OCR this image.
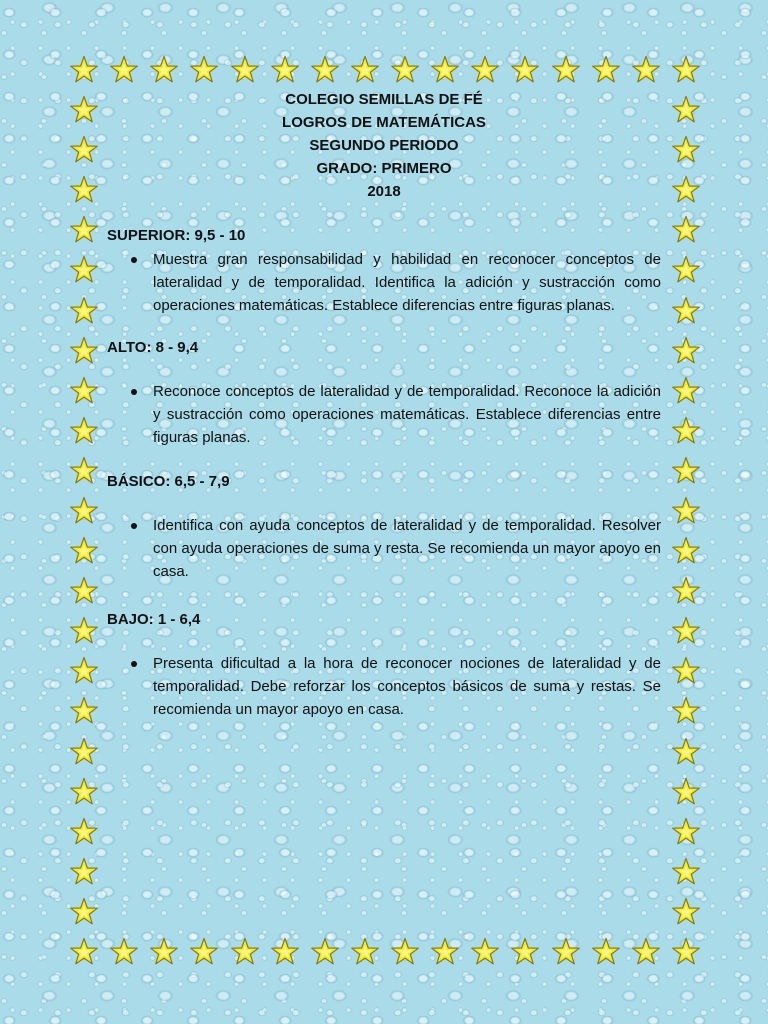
COLEGIO SEMILLAS DE FÉ
LOGROS DE MATEMÁTICAS
SEGUNDO PERIODO
GRADO: PRIMERO
2018
SUPERIOR: 9,5 - 10
Muestra gran responsabilidad y habilidad en reconocer conceptos de lateralidad y de temporalidad. Identifica la adición y sustracción como operaciones matemáticas. Establece diferencias entre figuras planas.
ALTO: 8 - 9,4
Reconoce conceptos de lateralidad y de temporalidad. Reconoce la adición y sustracción como operaciones matemáticas. Establece diferencias entre figuras planas.
BÁSICO: 6,5 - 7,9
Identifica con ayuda conceptos de lateralidad y de temporalidad. Resolver con ayuda operaciones de suma y resta. Se recomienda un mayor apoyo en casa.
BAJO: 1 - 6,4
Presenta dificultad a la hora de reconocer nociones de lateralidad y de temporalidad. Debe reforzar los conceptos básicos de suma y restas. Se recomienda un mayor apoyo en casa.
